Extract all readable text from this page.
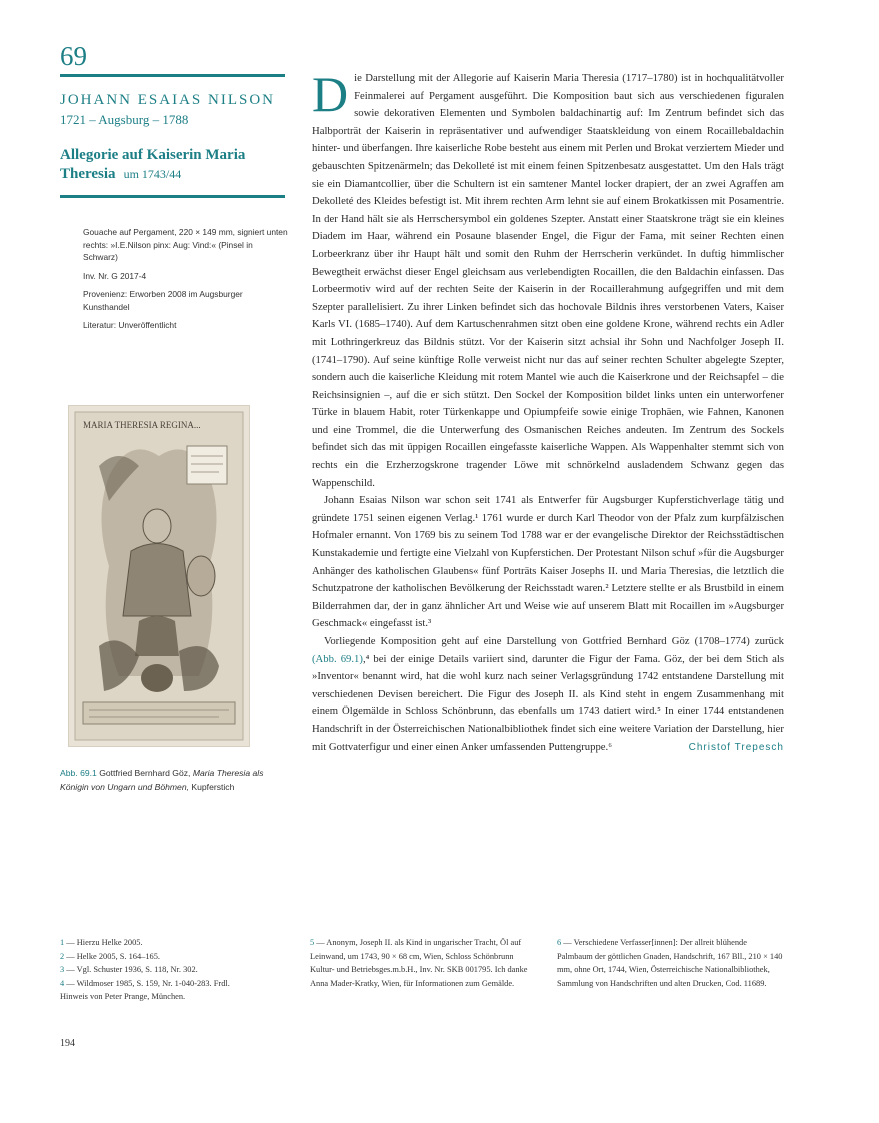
69
JOHANN ESAIAS NILSON
1721 – Augsburg – 1788
Allegorie auf Kaiserin Maria Theresia um 1743/44

Gouache auf Pergament, 220 × 149 mm, signiert unten rechts: »I.E.Nilson pinx: Aug: Vind:« (Pinsel in Schwarz)

Inv. Nr. G 2017-4

Provenienz: Erworben 2008 im Augsburger Kunsthandel

Literatur: Unveröffentlicht

MARIA THERESIA REGINA...
Abb. 69.1 Gottfried Bernhard Göz, Maria Theresia als Königin von Ungarn und Böhmen, Kupferstich

Die Darstellung mit der Allegorie auf Kaiserin Maria Theresia (1717–1780) ist in hochqualitätvoller Feinmalerei auf Pergament ausgeführt. Die Komposition baut sich aus verschiedenen figuralen sowie dekorativen Elementen und Symbolen baldachinartig auf: Im Zentrum befindet sich das Halbporträt der Kaiserin in repräsentativer und aufwendiger Staatskleidung von einem Rocaillebaldachin hinter- und überfangen. Ihre kaiserliche Robe besteht aus einem mit Perlen und Brokat verziertem Mieder und gebauschten Spitzenärmeln; das Dekolleté ist mit einem feinen Spitzenbesatz ausgestattet. Um den Hals trägt sie ein Diamantcollier, über die Schultern ist ein samtener Mantel locker drapiert, der an zwei Agraffen am Dekolleté des Kleides befestigt ist. Mit ihrem rechten Arm lehnt sie auf einem Brokatkissen mit Posamentrie. In der Hand hält sie als Herrschersymbol ein goldenes Szepter. Anstatt einer Staatskrone trägt sie ein kleines Diadem im Haar, während ein Posaune blasender Engel, die Figur der Fama, mit seiner Rechten einen Lorbeerkranz über ihr Haupt hält und somit den Ruhm der Herrscherin verkündet. In duftig himmlischer Bewegtheit erwächst dieser Engel gleichsam aus verlebendigten Rocaillen, die den Baldachin einfassen. Das Lorbeermotiv wird auf der rechten Seite der Kaiserin in der Rocaillerahmung aufgegriffen und mit dem Szepter parallelisiert. Zu ihrer Linken befindet sich das hochovale Bildnis ihres verstorbenen Vaters, Kaiser Karls VI. (1685–1740). Auf dem Kartuschenrahmen sitzt oben eine goldene Krone, während rechts ein Adler mit Lothringerkreuz das Bildnis stützt. Vor der Kaiserin sitzt achsial ihr Sohn und Nachfolger Joseph II. (1741–1790). Auf seine künftige Rolle verweist nicht nur das auf seiner rechten Schulter abgelegte Szepter, sondern auch die kaiserliche Kleidung mit rotem Mantel wie auch die Kaiserkrone und der Reichsapfel – die Reichsinsignien –, auf die er sich stützt. Den Sockel der Komposition bildet links unten ein unterworfener Türke in blauem Habit, roter Türkenkappe und Opiumpfeife sowie einige Trophäen, wie Fahnen, Kanonen und eine Trommel, die die Unterwerfung des Osmanischen Reiches andeuten. Im Zentrum des Sockels befindet sich das mit üppigen Rocaillen eingefasste kaiserliche Wappen. Als Wappenhalter stemmt sich von rechts ein die Erzherzogskrone tragender Löwe mit schnörkelnd ausladendem Schwanz gegen das Wappenschild.

Johann Esaias Nilson war schon seit 1741 als Entwerfer für Augsburger Kupferstichverlage tätig und gründete 1751 seinen eigenen Verlag.¹ 1761 wurde er durch Karl Theodor von der Pfalz zum kurpfälzischen Hofmaler ernannt. Von 1769 bis zu seinem Tod 1788 war er der evangelische Direktor der Reichsstädtischen Kunstakademie und fertigte eine Vielzahl von Kupferstichen. Der Protestant Nilson schuf »für die Augsburger Anhänger des katholischen Glaubens« fünf Porträts Kaiser Josephs II. und Maria Theresias, die letztlich die Schutzpatrone der katholischen Bevölkerung der Reichsstadt waren.² Letztere stellte er als Brustbild in einem Bilderrahmen dar, der in ganz ähnlicher Art und Weise wie auf unserem Blatt mit Rocaillen im »Augsburger Geschmack« eingefasst ist.³

Vorliegende Komposition geht auf eine Darstellung von Gottfried Bernhard Göz (1708–1774) zurück (Abb. 69.1),⁴ bei der einige Details variiert sind, darunter die Figur der Fama. Göz, der bei dem Stich als »Inventor« benannt wird, hat die wohl kurz nach seiner Verlagsgründung 1742 entstandene Darstellung mit verschiedenen Devisen bereichert. Die Figur des Joseph II. als Kind steht in engem Zusammenhang mit einem Ölgemälde in Schloss Schönbrunn, das ebenfalls um 1743 datiert wird.⁵ In einer 1744 entstandenen Handschrift in der Österreichischen Nationalbibliothek findet sich eine weitere Variation der Darstellung, hier mit Gottvaterfigur und einer einen Anker umfassenden Puttengruppe.⁶	Christof Trepesch
1 — Hierzu Helke 2005.
2 — Helke 2005, S. 164–165.
3 — Vgl. Schuster 1936, S. 118, Nr. 302.
4 — Wildmoser 1985, S. 159, Nr. 1-040-283. Frdl. Hinweis von Peter Prange, München.
5 — Anonym, Joseph II. als Kind in ungarischer Tracht, Öl auf Leinwand, um 1743, 90 × 68 cm, Wien, Schloss Schönbrunn Kultur- und Betriebsges.m.b.H., Inv. Nr. SKB 001795. Ich danke Anna Mader-Kratky, Wien, für Informationen zum Gemälde.
6 — Verschiedene Verfasser[innen]: Der allreit blühende Palmbaum der göttlichen Gnaden, Handschrift, 167 Bll., 210 × 140 mm, ohne Ort, 1744, Wien, Österreichische Nationalbibliothek, Sammlung von Handschriften und alten Drucken, Cod. 11689.
194
